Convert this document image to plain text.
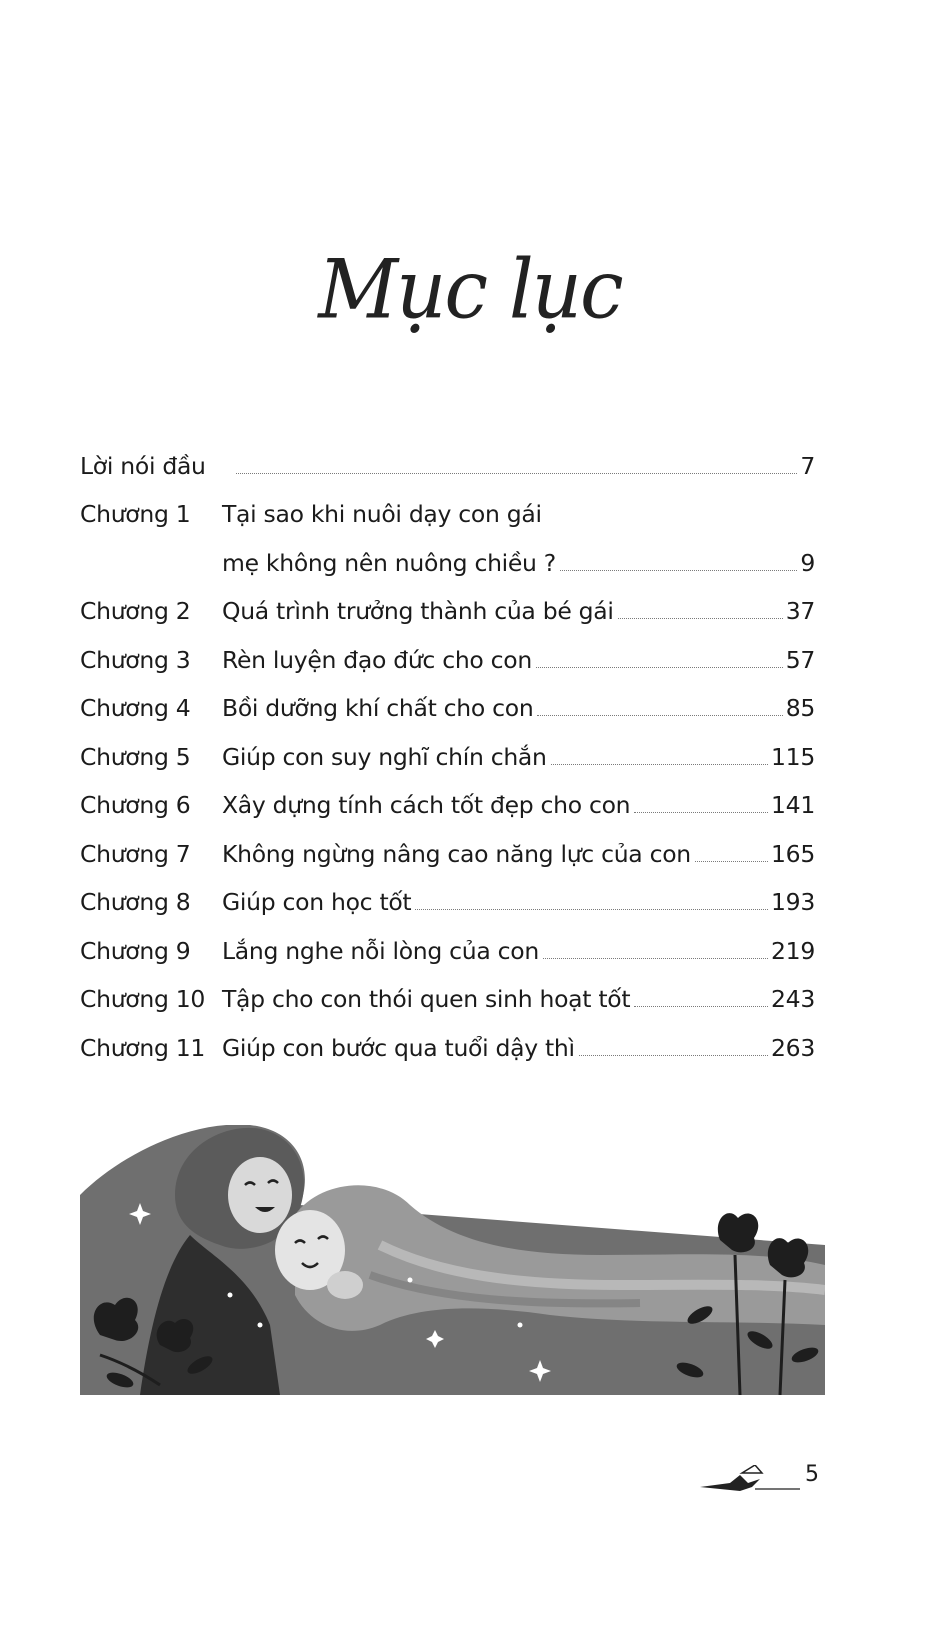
Mục lục
Lời nói đầu	7
Chương 1	Tại sao khi nuôi dạy con gái
mẹ không nên nuông chiều ?	9
Chương 2	Quá trình trưởng thành của bé gái	37
Chương 3	Rèn luyện đạo đức cho con	57
Chương 4	Bồi dưỡng khí chất cho con	85
Chương 5	Giúp con suy nghĩ chín chắn	115
Chương 6	Xây dựng tính cách tốt đẹp cho con	141
Chương 7	Không ngừng nâng cao năng lực của con	165
Chương 8	Giúp con học tốt	193
Chương 9	Lắng nghe nỗi lòng của con	219
Chương 10 Tập cho con thói quen sinh hoạt tốt	243
Chương 11 Giúp con bước qua tuổi dậy thì	263
5
